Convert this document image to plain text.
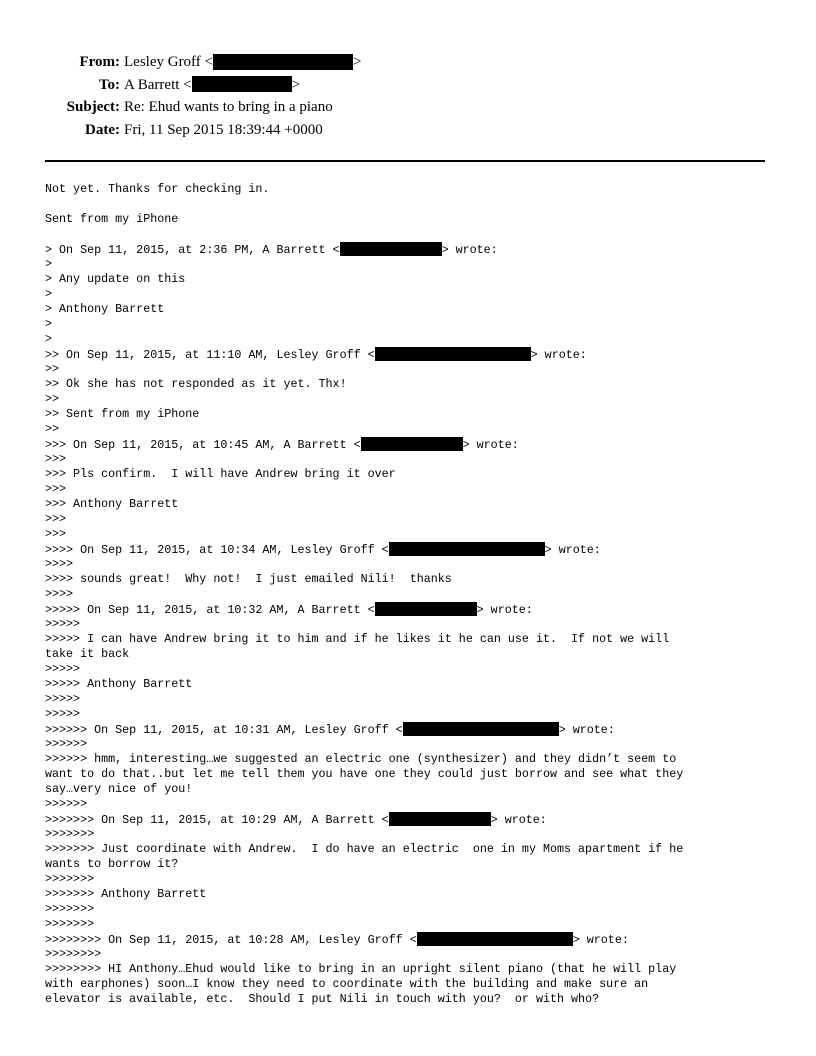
From: Lesley Groff <	>
To: A Barrett <	>
Subject: Re: Ehud wants to bring in a piano
Date: Fri, 11 Sep 2015 18:39:44 +0000
Not yet. Thanks for checking in.
Sent from my iPhone
> On Sep 11, 2015, at 2:36 PM, A Barrett <	> wrote:
>
> Any update on this
>
> Anthony Barrett
>
>
>> On Sep 11, 2015, at 11:10 AM, Lesley Groff <	> wrote:
>>
>> Ok she has not responded as it yet. Thx!
>>
>> Sent from my iPhone
>>
>>> On Sep 11, 2015, at 10:45 AM, A Barrett <	> wrote:
>>>
>>> Pls confirm.  I will have Andrew bring it over
>>>
>>> Anthony Barrett
>>>
>>>
>>>> On Sep 11, 2015, at 10:34 AM, Lesley Groff <	> wrote:
>>>>
>>>> sounds great!  Why not!  I just emailed Nili!  thanks
>>>>
>>>>> On Sep 11, 2015, at 10:32 AM, A Barrett <	> wrote:
>>>>>
>>>>> I can have Andrew bring it to him and if he likes it he can use it.  If not we will
take it back
>>>>>
>>>>> Anthony Barrett
>>>>>
>>>>>
>>>>>> On Sep 11, 2015, at 10:31 AM, Lesley Groff <	> wrote:
>>>>>>
>>>>>> hmm, interesting…we suggested an electric one (synthesizer) and they didn’t seem to
want to do that..but let me tell them you have one they could just borrow and see what they
say…very nice of you!
>>>>>>
>>>>>>> On Sep 11, 2015, at 10:29 AM, A Barrett <	> wrote:
>>>>>>>
>>>>>>> Just coordinate with Andrew.  I do have an electric  one in my Moms apartment if he
wants to borrow it?
>>>>>>>
>>>>>>> Anthony Barrett
>>>>>>>
>>>>>>>
>>>>>>>> On Sep 11, 2015, at 10:28 AM, Lesley Groff <	> wrote:
>>>>>>>>
>>>>>>>> HI Anthony…Ehud would like to bring in an upright silent piano (that he will play
with earphones) soon…I know they need to coordinate with the building and make sure an
elevator is available, etc.  Should I put Nili in touch with you?  or with who?
